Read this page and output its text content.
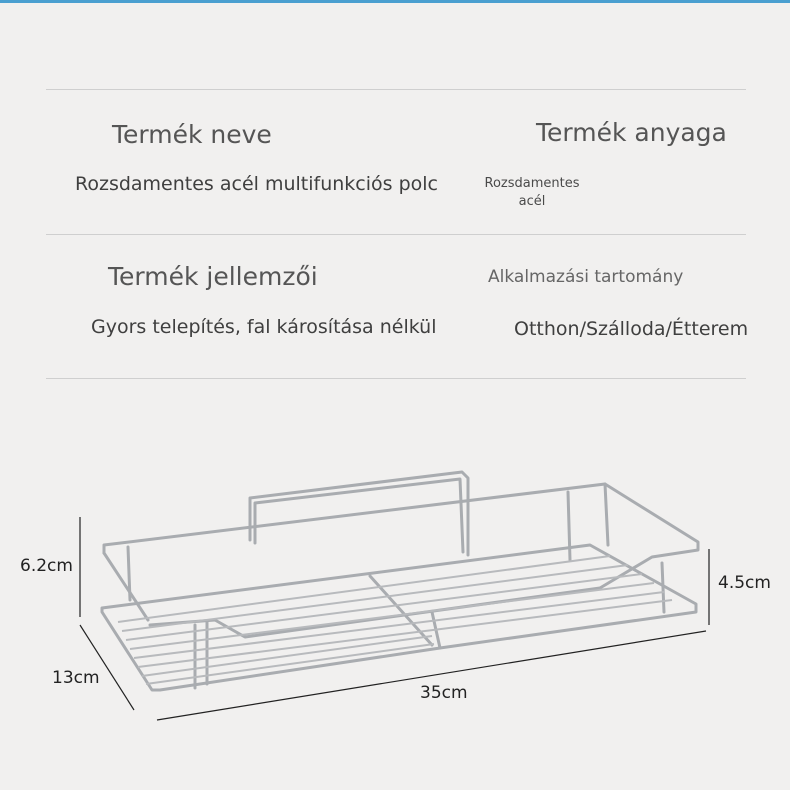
Termék neve	Termék anyaga
Rozsdamentes acél multifunkciós polc	Rozsdamentes
acél
Termék jellemzői	Alkalmazási tartomány
Gyors telepítés, fal károsítása nélkül	Otthon/Szálloda/Étterem
6.2cm
4.5cm
13cm
35cm
